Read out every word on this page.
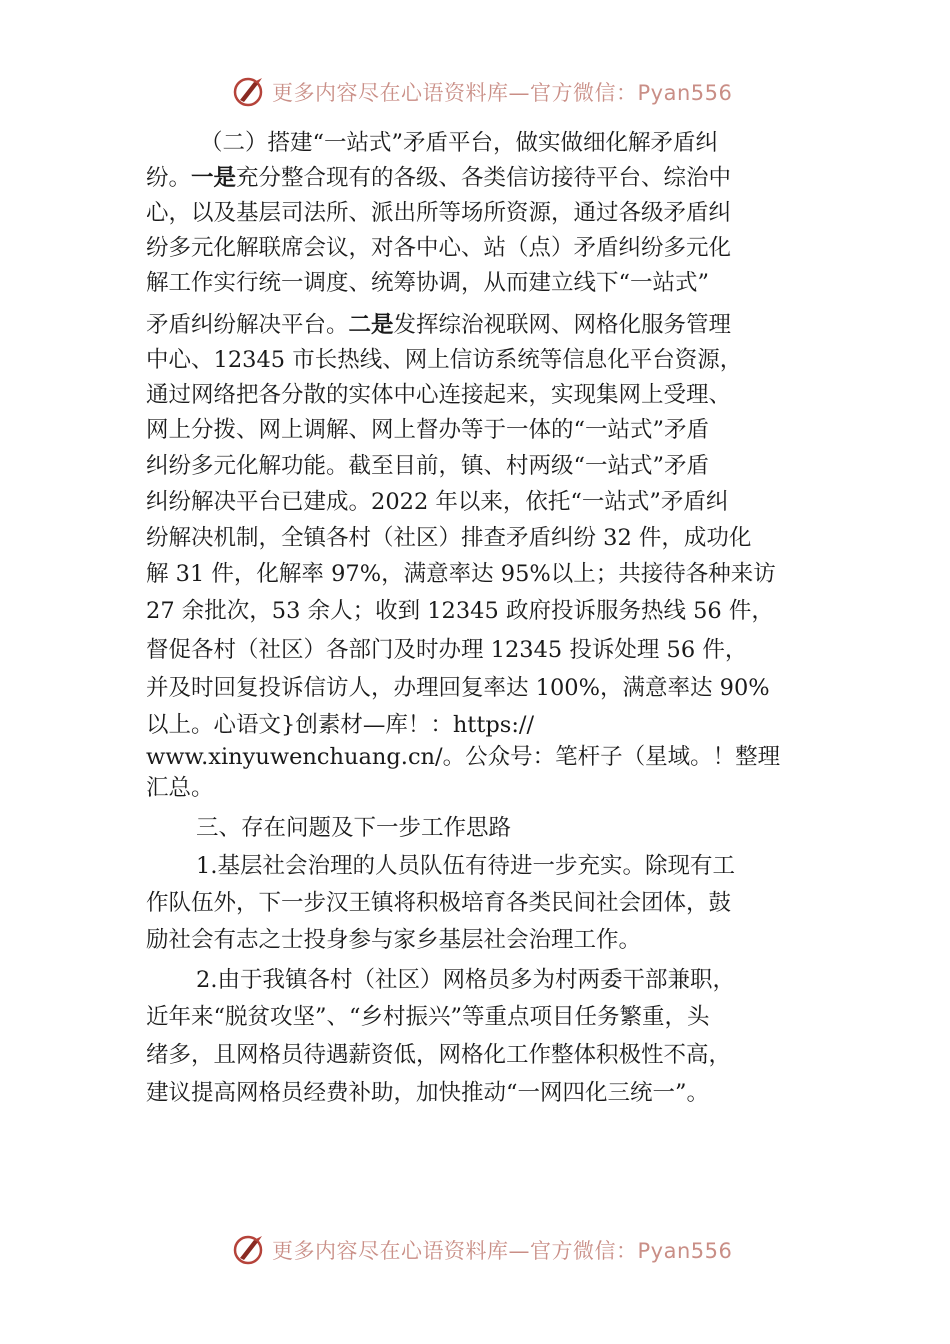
更多内容尽在心语资料库—官方微信：Pyan556
（二）搭建“一站式”矛盾平台，做实做细化解矛盾纠
纷。一是充分整合现有的各级、各类信访接待平台、综治中
心，以及基层司法所、派出所等场所资源，通过各级矛盾纠
纷多元化解联席会议，对各中心、站（点）矛盾纠纷多元化
解工作实行统一调度、统筹协调，从而建立线下“一站式”
矛盾纠纷解决平台。二是发挥综治视联网、网格化服务管理
中心、12345 市长热线、网上信访系统等信息化平台资源，
通过网络把各分散的实体中心连接起来，实现集网上受理、
网上分拨、网上调解、网上督办等于一体的“一站式”矛盾
纠纷多元化解功能。截至目前，镇、村两级“一站式”矛盾
纠纷解决平台已建成。2022 年以来，依托“一站式”矛盾纠
纷解决机制，全镇各村（社区）排查矛盾纠纷 32 件，成功化
解 31 件，化解率 97%，满意率达 95%以上；共接待各种来访
27 余批次，53 余人；收到 12345 政府投诉服务热线 56 件，
督促各村（社区）各部门及时办理 12345 投诉处理 56 件，
并及时回复投诉信访人，办理回复率达 100%，满意率达 90%
以上。心语文}创素材—库！：https://
www.xinyuwenchuang.cn/。公众号：笔杆子（星域。！整理
汇总。
三、存在问题及下一步工作思路
1.基层社会治理的人员队伍有待进一步充实。除现有工
作队伍外，下一步汉王镇将积极培育各类民间社会团体，鼓
励社会有志之士投身参与家乡基层社会治理工作。
2.由于我镇各村（社区）网格员多为村两委干部兼职，
近年来“脱贫攻坚”、“乡村振兴”等重点项目任务繁重，头
绪多，且网格员待遇薪资低，网格化工作整体积极性不高，
建议提高网格员经费补助，加快推动“一网四化三统一”。
更多内容尽在心语资料库—官方微信：Pyan556
